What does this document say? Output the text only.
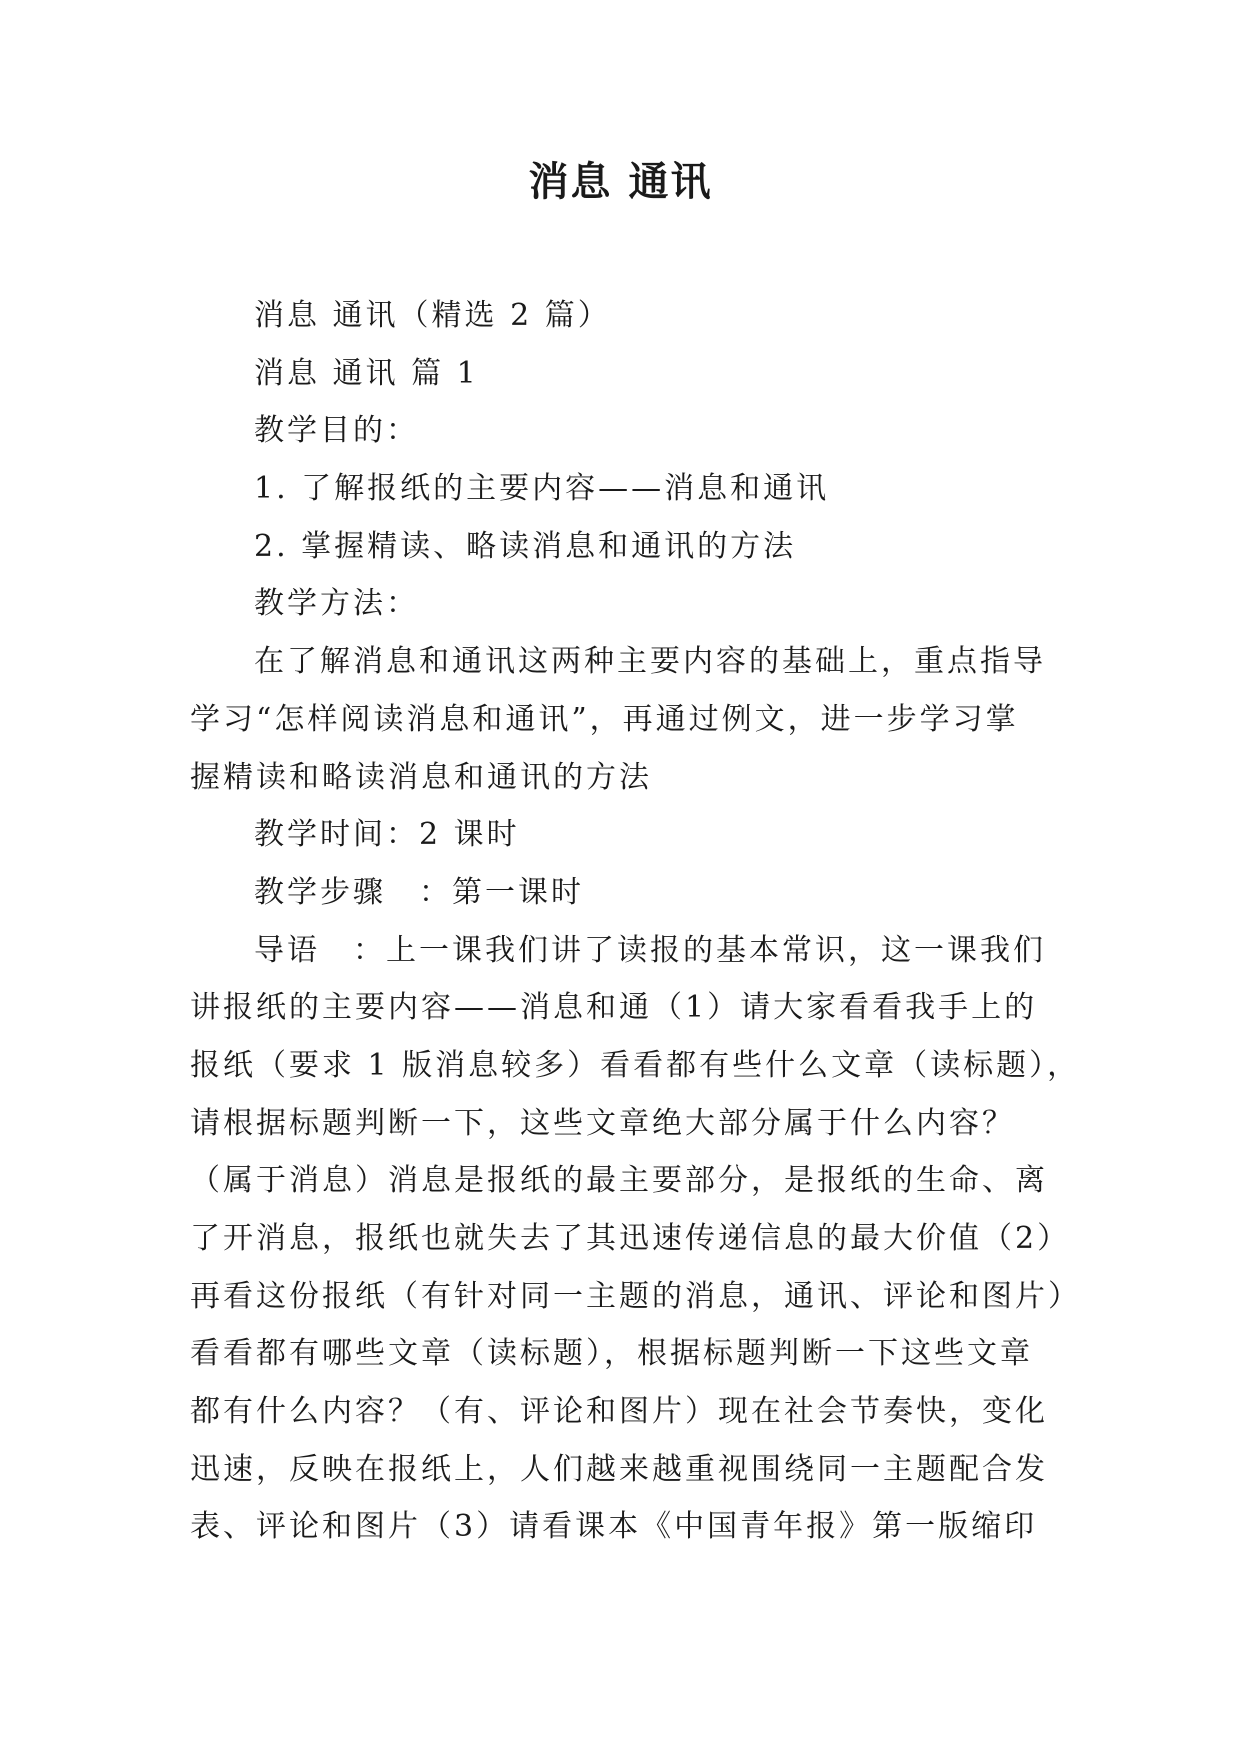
消息 通讯

消息 通讯（精选 2 篇）

消息 通讯 篇 1

教学目的：

1. 了解报纸的主要内容——消息和通讯

2. 掌握精读、略读消息和通讯的方法

教学方法：

在了解消息和通讯这两种主要内容的基础上，重点指导

学习“怎样阅读消息和通讯”，再通过例文，进一步学习掌

握精读和略读消息和通讯的方法

教学时间：2 课时

教学步骤　：第一课时

导语　：上一课我们讲了读报的基本常识，这一课我们

讲报纸的主要内容——消息和通（1）请大家看看我手上的

报纸（要求 1 版消息较多）看看都有些什么文章（读标题），

请根据标题判断一下，这些文章绝大部分属于什么内容？

（属于消息）消息是报纸的最主要部分，是报纸的生命、离

了开消息，报纸也就失去了其迅速传递信息的最大价值（2）

再看这份报纸（有针对同一主题的消息，通讯、评论和图片）

看看都有哪些文章（读标题），根据标题判断一下这些文章

都有什么内容？（有、评论和图片）现在社会节奏快，变化

迅速，反映在报纸上，人们越来越重视围绕同一主题配合发

表、评论和图片（3）请看课本《中国青年报》第一版缩印
